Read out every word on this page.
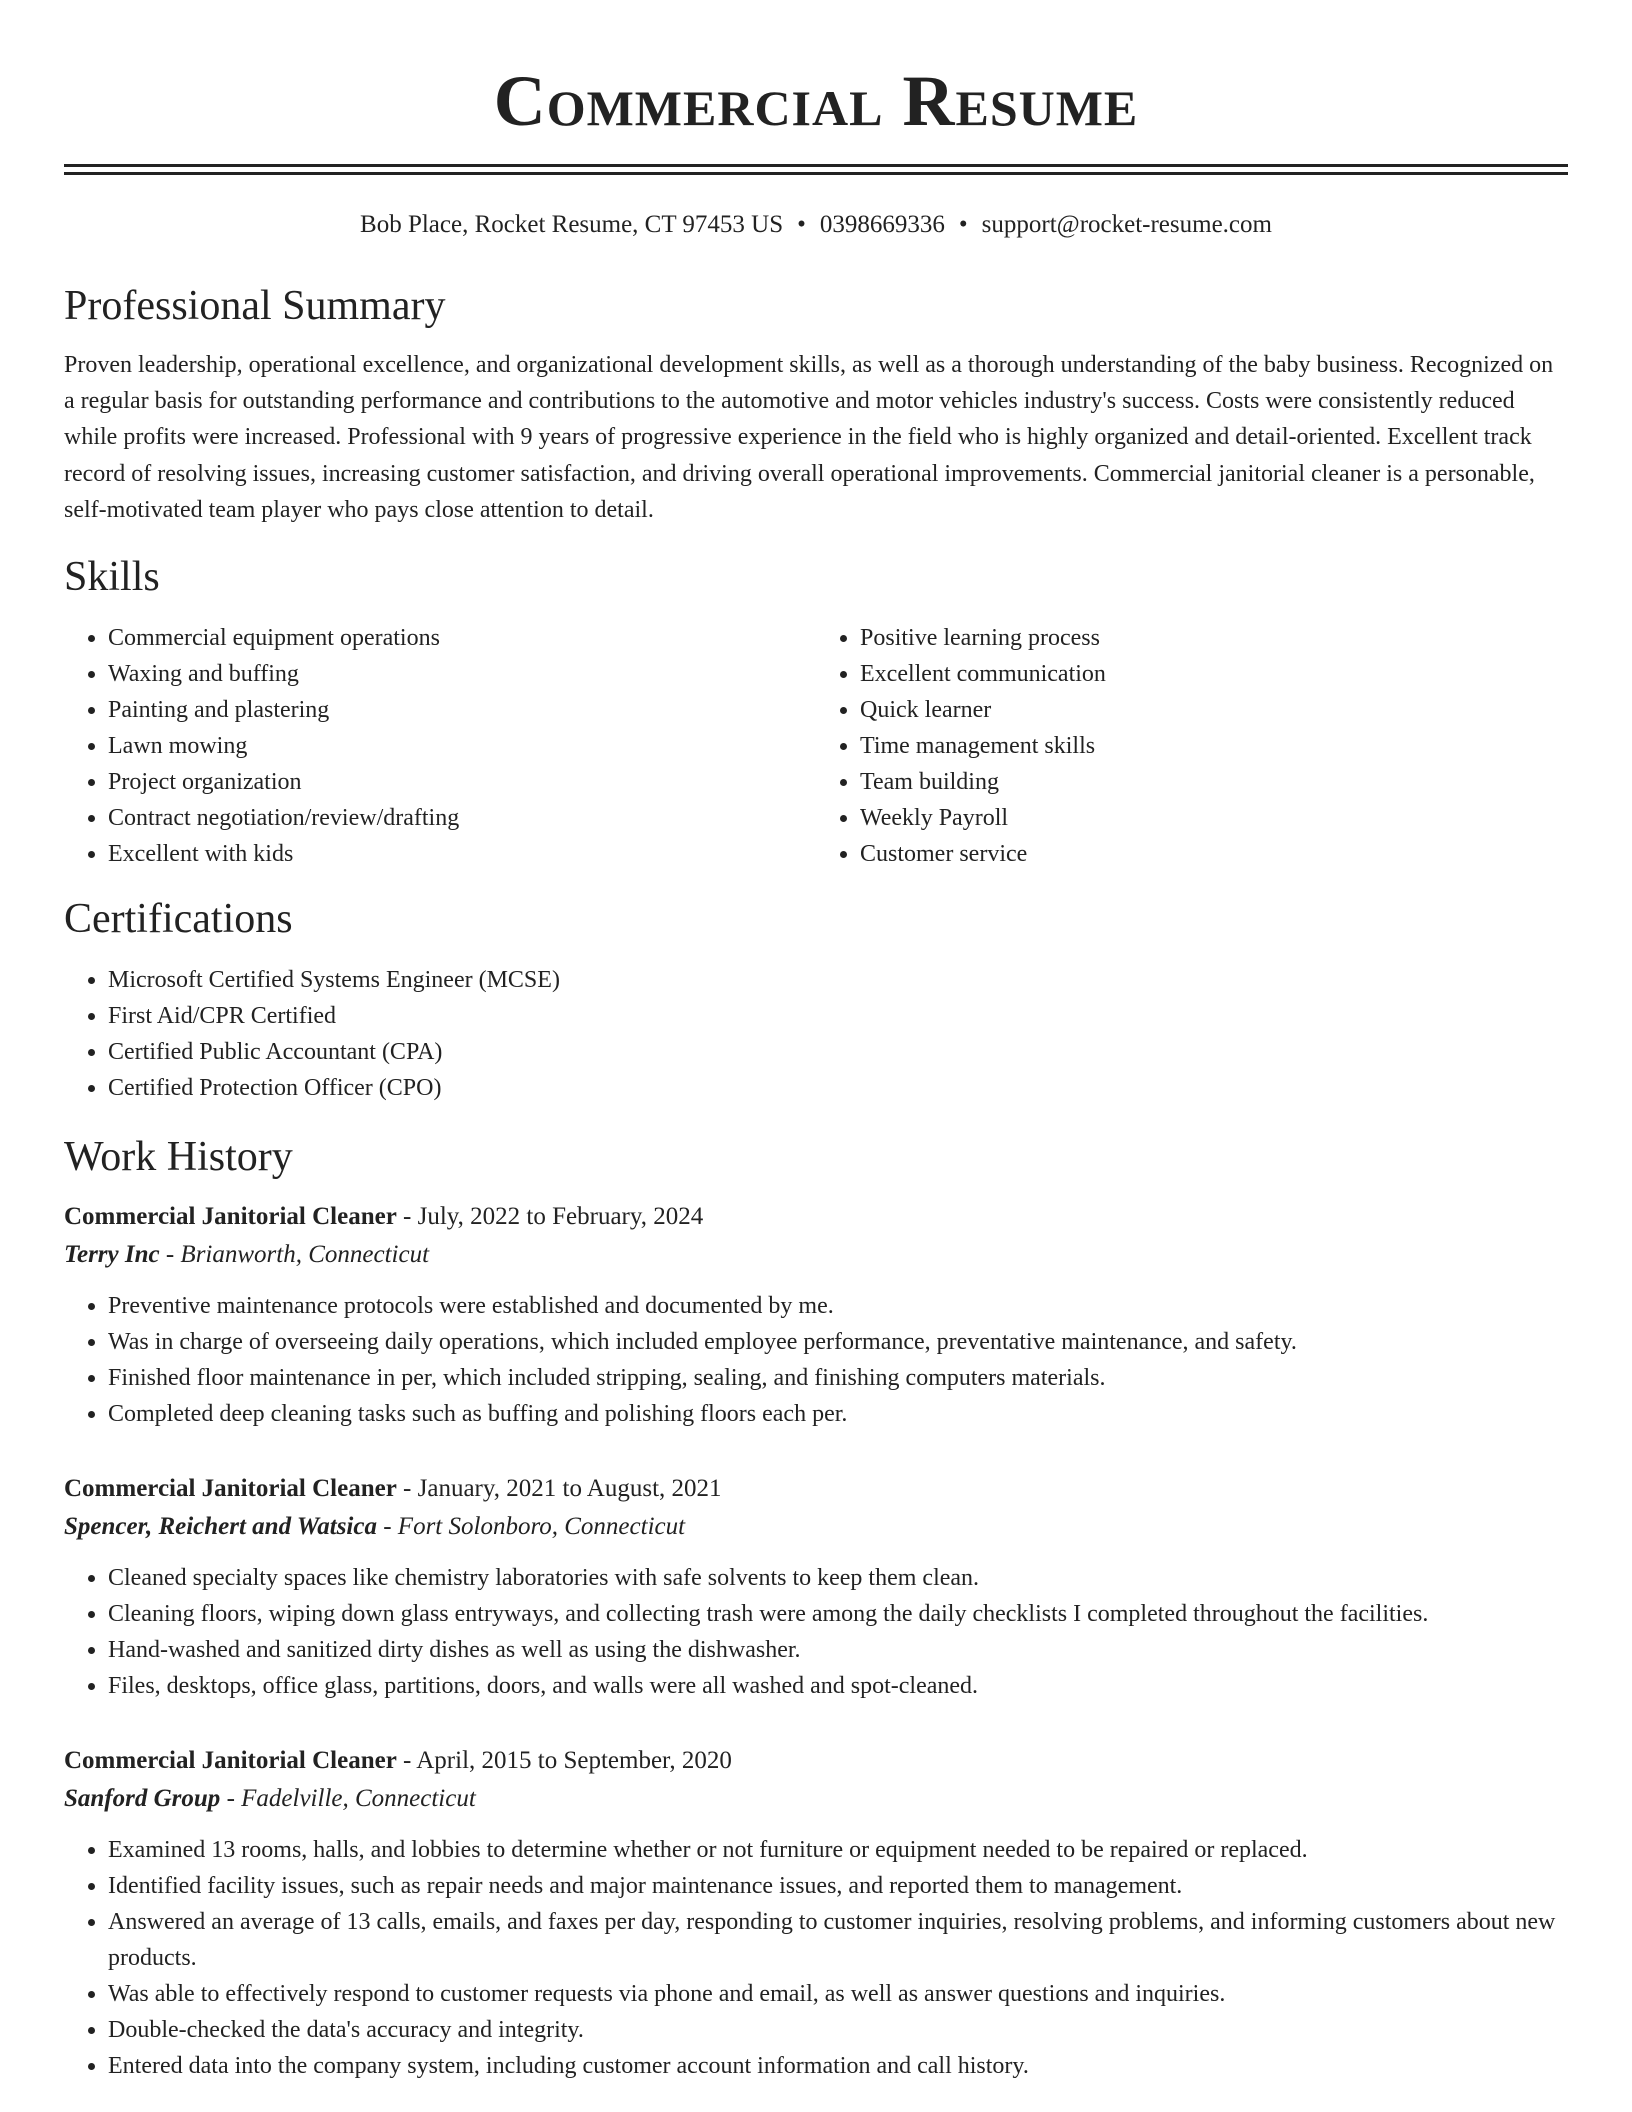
Commercial Resume
Bob Place, Rocket Resume, CT 97453 US • 0398669336 • support@rocket-resume.com
Professional Summary
Proven leadership, operational excellence, and organizational development skills, as well as a thorough understanding of the baby business. Recognized on a regular basis for outstanding performance and contributions to the automotive and motor vehicles industry's success. Costs were consistently reduced while profits were increased. Professional with 9 years of progressive experience in the field who is highly organized and detail-oriented. Excellent track record of resolving issues, increasing customer satisfaction, and driving overall operational improvements. Commercial janitorial cleaner is a personable, self-motivated team player who pays close attention to detail.
Skills
• Commercial equipment operations
• Waxing and buffing
• Painting and plastering
• Lawn mowing
• Project organization
• Contract negotiation/review/drafting
• Excellent with kids
• Positive learning process
• Excellent communication
• Quick learner
• Time management skills
• Team building
• Weekly Payroll
• Customer service
Certifications
• Microsoft Certified Systems Engineer (MCSE)
• First Aid/CPR Certified
• Certified Public Accountant (CPA)
• Certified Protection Officer (CPO)
Work History
Commercial Janitorial Cleaner - July, 2022 to February, 2024
Terry Inc - Brianworth, Connecticut
• Preventive maintenance protocols were established and documented by me.
• Was in charge of overseeing daily operations, which included employee performance, preventative maintenance, and safety.
• Finished floor maintenance in per, which included stripping, sealing, and finishing computers materials.
• Completed deep cleaning tasks such as buffing and polishing floors each per.
Commercial Janitorial Cleaner - January, 2021 to August, 2021
Spencer, Reichert and Watsica - Fort Solonboro, Connecticut
• Cleaned specialty spaces like chemistry laboratories with safe solvents to keep them clean.
• Cleaning floors, wiping down glass entryways, and collecting trash were among the daily checklists I completed throughout the facilities.
• Hand-washed and sanitized dirty dishes as well as using the dishwasher.
• Files, desktops, office glass, partitions, doors, and walls were all washed and spot-cleaned.
Commercial Janitorial Cleaner - April, 2015 to September, 2020
Sanford Group - Fadelville, Connecticut
• Examined 13 rooms, halls, and lobbies to determine whether or not furniture or equipment needed to be repaired or replaced.
• Identified facility issues, such as repair needs and major maintenance issues, and reported them to management.
• Answered an average of 13 calls, emails, and faxes per day, responding to customer inquiries, resolving problems, and informing customers about new products.
• Was able to effectively respond to customer requests via phone and email, as well as answer questions and inquiries.
• Double-checked the data's accuracy and integrity.
• Entered data into the company system, including customer account information and call history.
